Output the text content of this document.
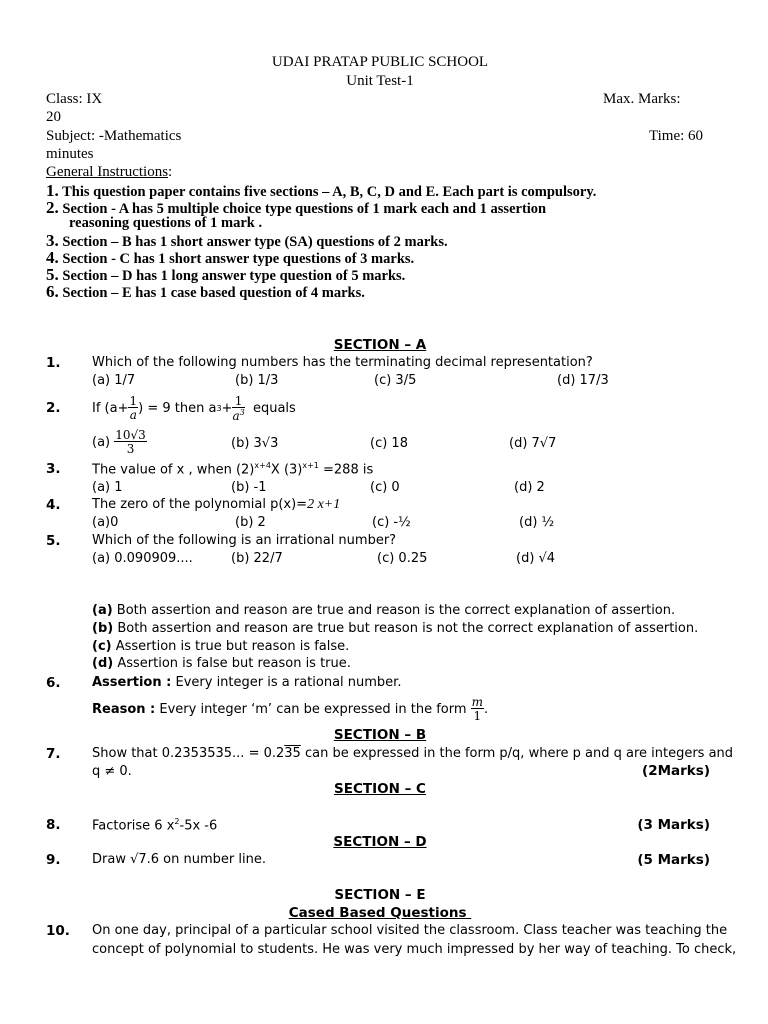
UDAI PRATAP PUBLIC SCHOOL
Unit Test-1
Class: IX	Max. Marks:
20
Subject: -Mathematics	Time: 60
minutes
General Instructions:
1. This question paper contains five sections – A, B, C, D and E. Each part is compulsory.
2. Section - A has 5 multiple choice type questions of 1 mark each and 1 assertion
reasoning questions of 1 mark .
3. Section – B has 1 short answer type (SA) questions of 2 marks.
4. Section - C has 1 short answer type questions of 3 marks.
5. Section – D has 1 long answer type question of 5 marks.
6. Section – E has 1 case based question of 4 marks.
SECTION – A
1. Which of the following numbers has the terminating decimal representation?
(a) 1/7	(b) 1/3	(c) 3/5	(d) 17/3
2. If ($a+ \frac{1}{a}$ ) = 9 then a $3 + \frac{1}{a^3}$ equals
(a)
$\frac{10√3}{3}$	(b) 3√3	(c) 18	(d) 7√7
3. The value of x , when $(2)^{x+4}X$ $(3)^{x+1} =288$ is
(a) 1	(b) -1	(c) 0	(d) 2
4. The zero of the polynomial p(x)=2 x+1
(a)0	(b) 2	(c) -½	(d) ½
5. Which of the following is an irrational number?
(a) 0.090909....	(b) 22/7	(c) 0.25	(d) √4
(a) Both assertion and reason are true and reason is the correct explanation of assertion.
(b) Both assertion and reason are true but reason is not the correct explanation of assertion.
(c) Assertion is true but reason is false.
(d) Assertion is false but reason is true.
6. Assertion : Every integer is a rational number.
Reason : Every integer ‘m’ can be expressed in the form $\frac{m}{1}$ .
SECTION – B
7. Show that 0.2353535... = 0.235 can be expressed in the form p/q, where p and q are integers and
q ≠ 0.	(2Marks)
SECTION – C
8. Factorise 6 $x^2-5x$ -6	(3 Marks)
SECTION – D
9. Draw √7.6 on number line.	(5 Marks)
SECTION – E
Cased Based Questions
10. On one day, principal of a particular school visited the classroom. Class teacher was teaching the
concept of polynomial to students. He was very much impressed by her way of teaching. To check,
